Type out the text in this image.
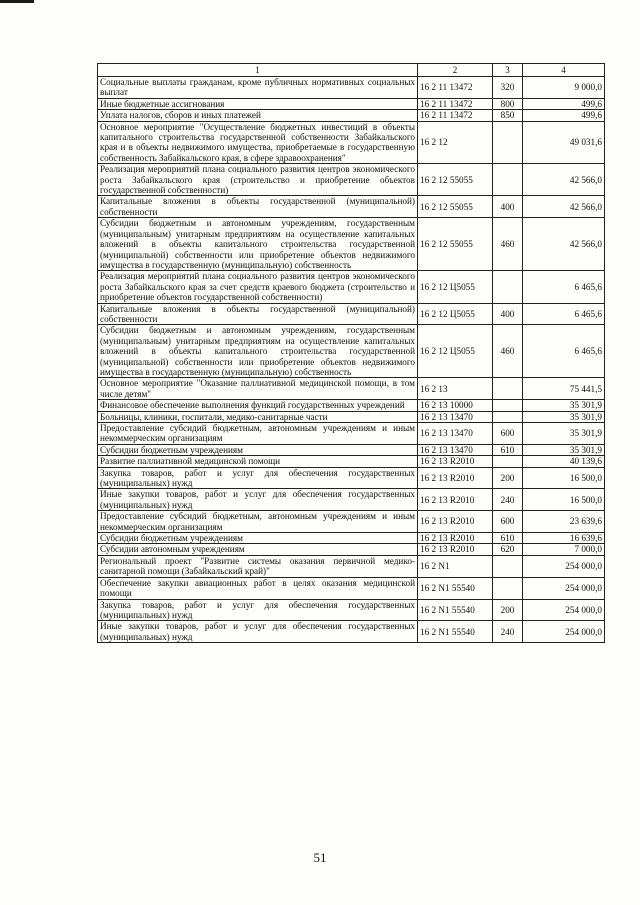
1	2	3	4
Социальные выплаты гражданам, кроме публичных нормативных социальных выплат	16 2 11 13472	320	9 000,0
Иные бюджетные ассигнования	16 2 11 13472	800	499,6
Уплата налогов, сборов и иных платежей	16 2 11 13472	850	499,6
Основное мероприятие "Осуществление бюджетных инвестиций в объекты капитального строительства государственной собственности Забайкальского края и в объекты недвижимого имущества, приобретаемые в государственную собственность Забайкальского края, в сфере здравоохранения"	16 2 12		49 031,6
Реализация мероприятий плана социального развития центров экономического роста Забайкальского края (строительство и приобретение объектов государственной собственности)	16 2 12 55055		42 566,0
Капитальные вложения в объекты государственной (муниципальной) собственности	16 2 12 55055	400	42 566,0
Субсидии бюджетным и автономным учреждениям, государственным (муниципальным) унитарным предприятиям на осуществление капитальных вложений в объекты капитального строительства государственной (муниципальной) собственности или приобретение объектов недвижимого имущества в государственную (муниципальную) собственность	16 2 12 55055	460	42 566,0
Реализация мероприятий плана социального развития центров экономического роста Забайкальского края за счет средств краевого бюджета (строительство и приобретение объектов государственной собственности)	16 2 12 Ц5055		6 465,6
Капитальные вложения в объекты государственной (муниципальной) собственности	16 2 12 Ц5055	400	6 465,6
Субсидии бюджетным и автономным учреждениям, государственным (муниципальным) унитарным предприятиям на осуществление капитальных вложений в объекты капитального строительства государственной (муниципальной) собственности или приобретение объектов недвижимого имущества в государственную (муниципальную) собственность	16 2 12 Ц5055	460	6 465,6
Основное мероприятие "Оказание паллиативной медицинской помощи, в том числе детям"	16 2 13		75 441,5
Финансовое обеспечение выполнения функций государственных учреждений	16 2 13 10000		35 301,9
Больницы, клиники, госпитали, медико-санитарные части	16 2 13 13470		35 301,9
Предоставление субсидий бюджетным, автономным учреждениям и иным некоммерческим организациям	16 2 13 13470	600	35 301,9
Субсидии бюджетным учреждениям	16 2 13 13470	610	35 301,9
Развитие паллиативной медицинской помощи	16 2 13 R2010		40 139,6
Закупка товаров, работ и услуг для обеспечения государственных (муниципальных) нужд	16 2 13 R2010	200	16 500,0
Иные закупки товаров, работ и услуг для обеспечения государственных (муниципальных) нужд	16 2 13 R2010	240	16 500,0
Предоставление субсидий бюджетным, автономным учреждениям и иным некоммерческим организациям	16 2 13 R2010	600	23 639,6
Субсидии бюджетным учреждениям	16 2 13 R2010	610	16 639,6
Субсидии автономным учреждениям	16 2 13 R2010	620	7 000,0
Региональный проект "Развитие системы оказания первичной медико-санитарной помощи (Забайкальский край)"	16 2 N1		254 000,0
Обеспечение закупки авиационных работ в целях оказания медицинской помощи	16 2 N1 55540		254 000,0
Закупка товаров, работ и услуг для обеспечения государственных (муниципальных) нужд	16 2 N1 55540	200	254 000,0
Иные закупки товаров, работ и услуг для обеспечения государственных (муниципальных) нужд	16 2 N1 55540	240	254 000,0
51
